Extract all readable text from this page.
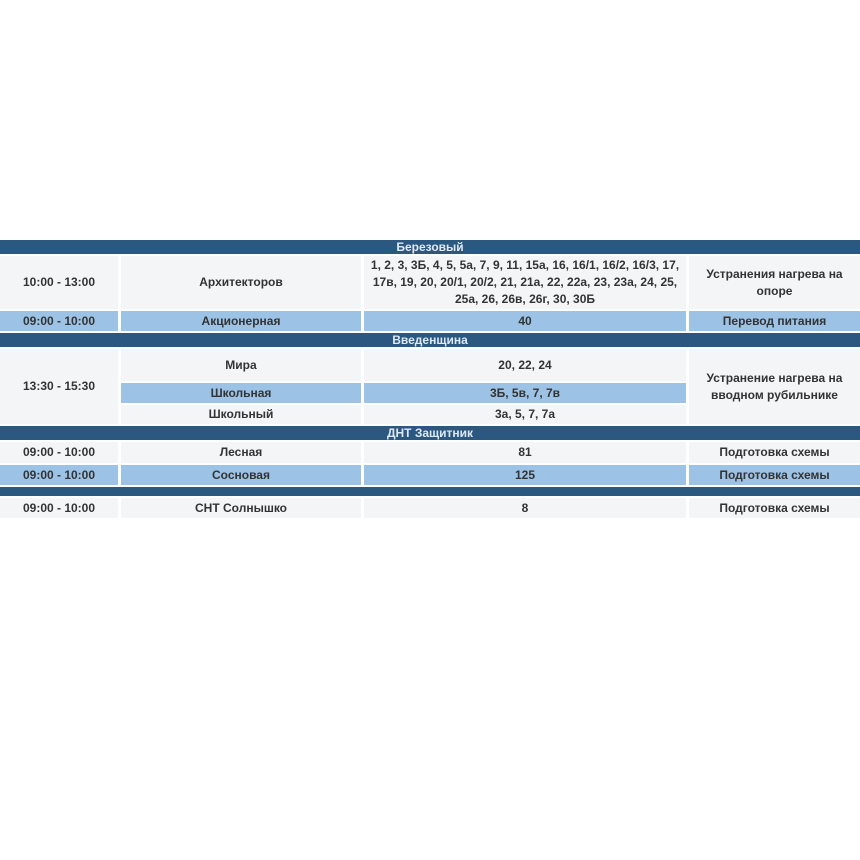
Березовый			
10:00 - 13:00	Архитекторов	1, 2, 3, 3Б, 4, 5, 5а, 7, 9, 11, 15а, 16, 16/1, 16/2, 16/3, 17, 17в, 19, 20, 20/1, 20/2, 21, 21а, 22, 22а, 23, 23а, 24, 25, 25а, 26, 26в, 26г, 30, 30Б	Устранения нагрева на опоре
09:00 - 10:00	Акционерная	40	Перевод питания
Введенщина			
13:30 - 15:30	Мира	20, 22, 24	Устранение нагрева на вводном рубильнике
	Школьная	3Б, 5в, 7, 7в	
	Школьный	3а, 5, 7, 7а	
ДНТ Защитник			
09:00 - 10:00	Лесная	81	Подготовка схемы
09:00 - 10:00	Сосновая	125	Подготовка схемы

09:00 - 10:00	СНТ Солнышко	8	Подготовка схемы
